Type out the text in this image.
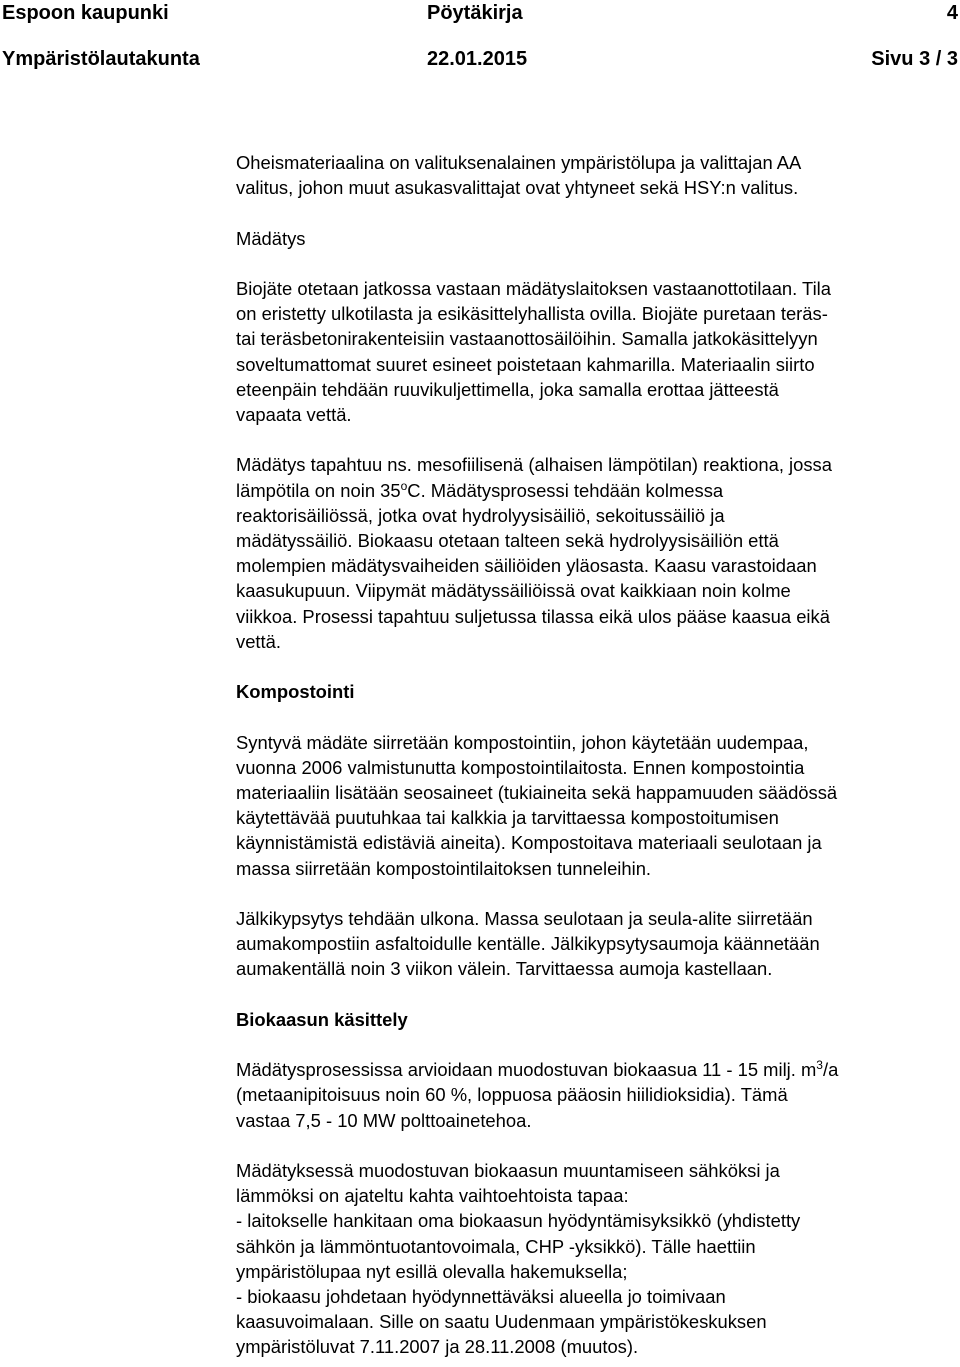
Espoon kaupunki	Pöytäkirja	4
Ympäristölautakunta	22.01.2015	Sivu 3 / 3

Oheismateriaalina on valituksenalainen ympäristölupa ja valittajan AA
valitus, johon muut asukasvalittajat ovat yhtyneet sekä HSY:n valitus.

Mädätys

Biojäte otetaan jatkossa vastaan mädätyslaitoksen vastaanottotilaan. Tila
on eristetty ulkotilasta ja esikäsittelyhallista ovilla. Biojäte puretaan teräs-
tai teräsbetonirakenteisiin vastaanottosäilöihin. Samalla jatkokäsittelyyn
soveltumattomat suuret esineet poistetaan kahmarilla. Materiaalin siirto
eteenpäin tehdään ruuvikuljettimella, joka samalla erottaa jätteestä
vapaata vettä.

Mädätys tapahtuu ns. mesofiilisenä (alhaisen lämpötilan) reaktiona, jossa
lämpötila on noin 35$^o$C. Mädätysprosessi tehdään kolmessa
reaktorisäiliössä, jotka ovat hydrolyysisäiliö, sekoitussäiliö ja
mädätyssäiliö. Biokaasu otetaan talteen sekä hydrolyysisäiliön että
molempien mädätysvaiheiden säiliöiden yläosasta. Kaasu varastoidaan
kaasukupuun. Viipymät mädätyssäiliöissä ovat kaikkiaan noin kolme
viikkoa. Prosessi tapahtuu suljetussa tilassa eikä ulos pääse kaasua eikä
vettä.

Kompostointi

Syntyvä mädäte siirretään kompostointiin, johon käytetään uudempaa,
vuonna 2006 valmistunutta kompostointilaitosta. Ennen kompostointia
materiaaliin lisätään seosaineet (tukiaineita sekä happamuuden säädössä
käytettävää puutuhkaa tai kalkkia ja tarvittaessa kompostoitumisen
käynnistämistä edistäviä aineita). Kompostoitava materiaali seulotaan ja
massa siirretään kompostointilaitoksen tunneleihin.

Jälkikypsytys tehdään ulkona. Massa seulotaan ja seula-alite siirretään
aumakompostiin asfaltoidulle kentälle. Jälkikypsytysaumoja käännetään
aumakentällä noin 3 viikon välein. Tarvittaessa aumoja kastellaan.

Biokaasun käsittely

Mädätysprosessissa arvioidaan muodostuvan biokaasua 11 - 15 milj. $m^3/a$
(metaanipitoisuus noin 60 %, loppuosa pääosin hiilidioksidia). Tämä
vastaa 7,5 - 10 MW polttoainetehoa.

Mädätyksessä muodostuvan biokaasun muuntamiseen sähköksi ja
lämmöksi on ajateltu kahta vaihtoehtoista tapaa:
- laitokselle hankitaan oma biokaasun hyödyntämisyksikkö (yhdistetty
sähkön ja lämmöntuotantovoimala, CHP -yksikkö). Tälle haettiin
ympäristölupaa nyt esillä olevalla hakemuksella;
- biokaasu johdetaan hyödynnettäväksi alueella jo toimivaan
kaasuvoimalaan. Sille on saatu Uudenmaan ympäristökeskuksen
ympäristöluvat 7.11.2007 ja 28.11.2008 (muutos).
